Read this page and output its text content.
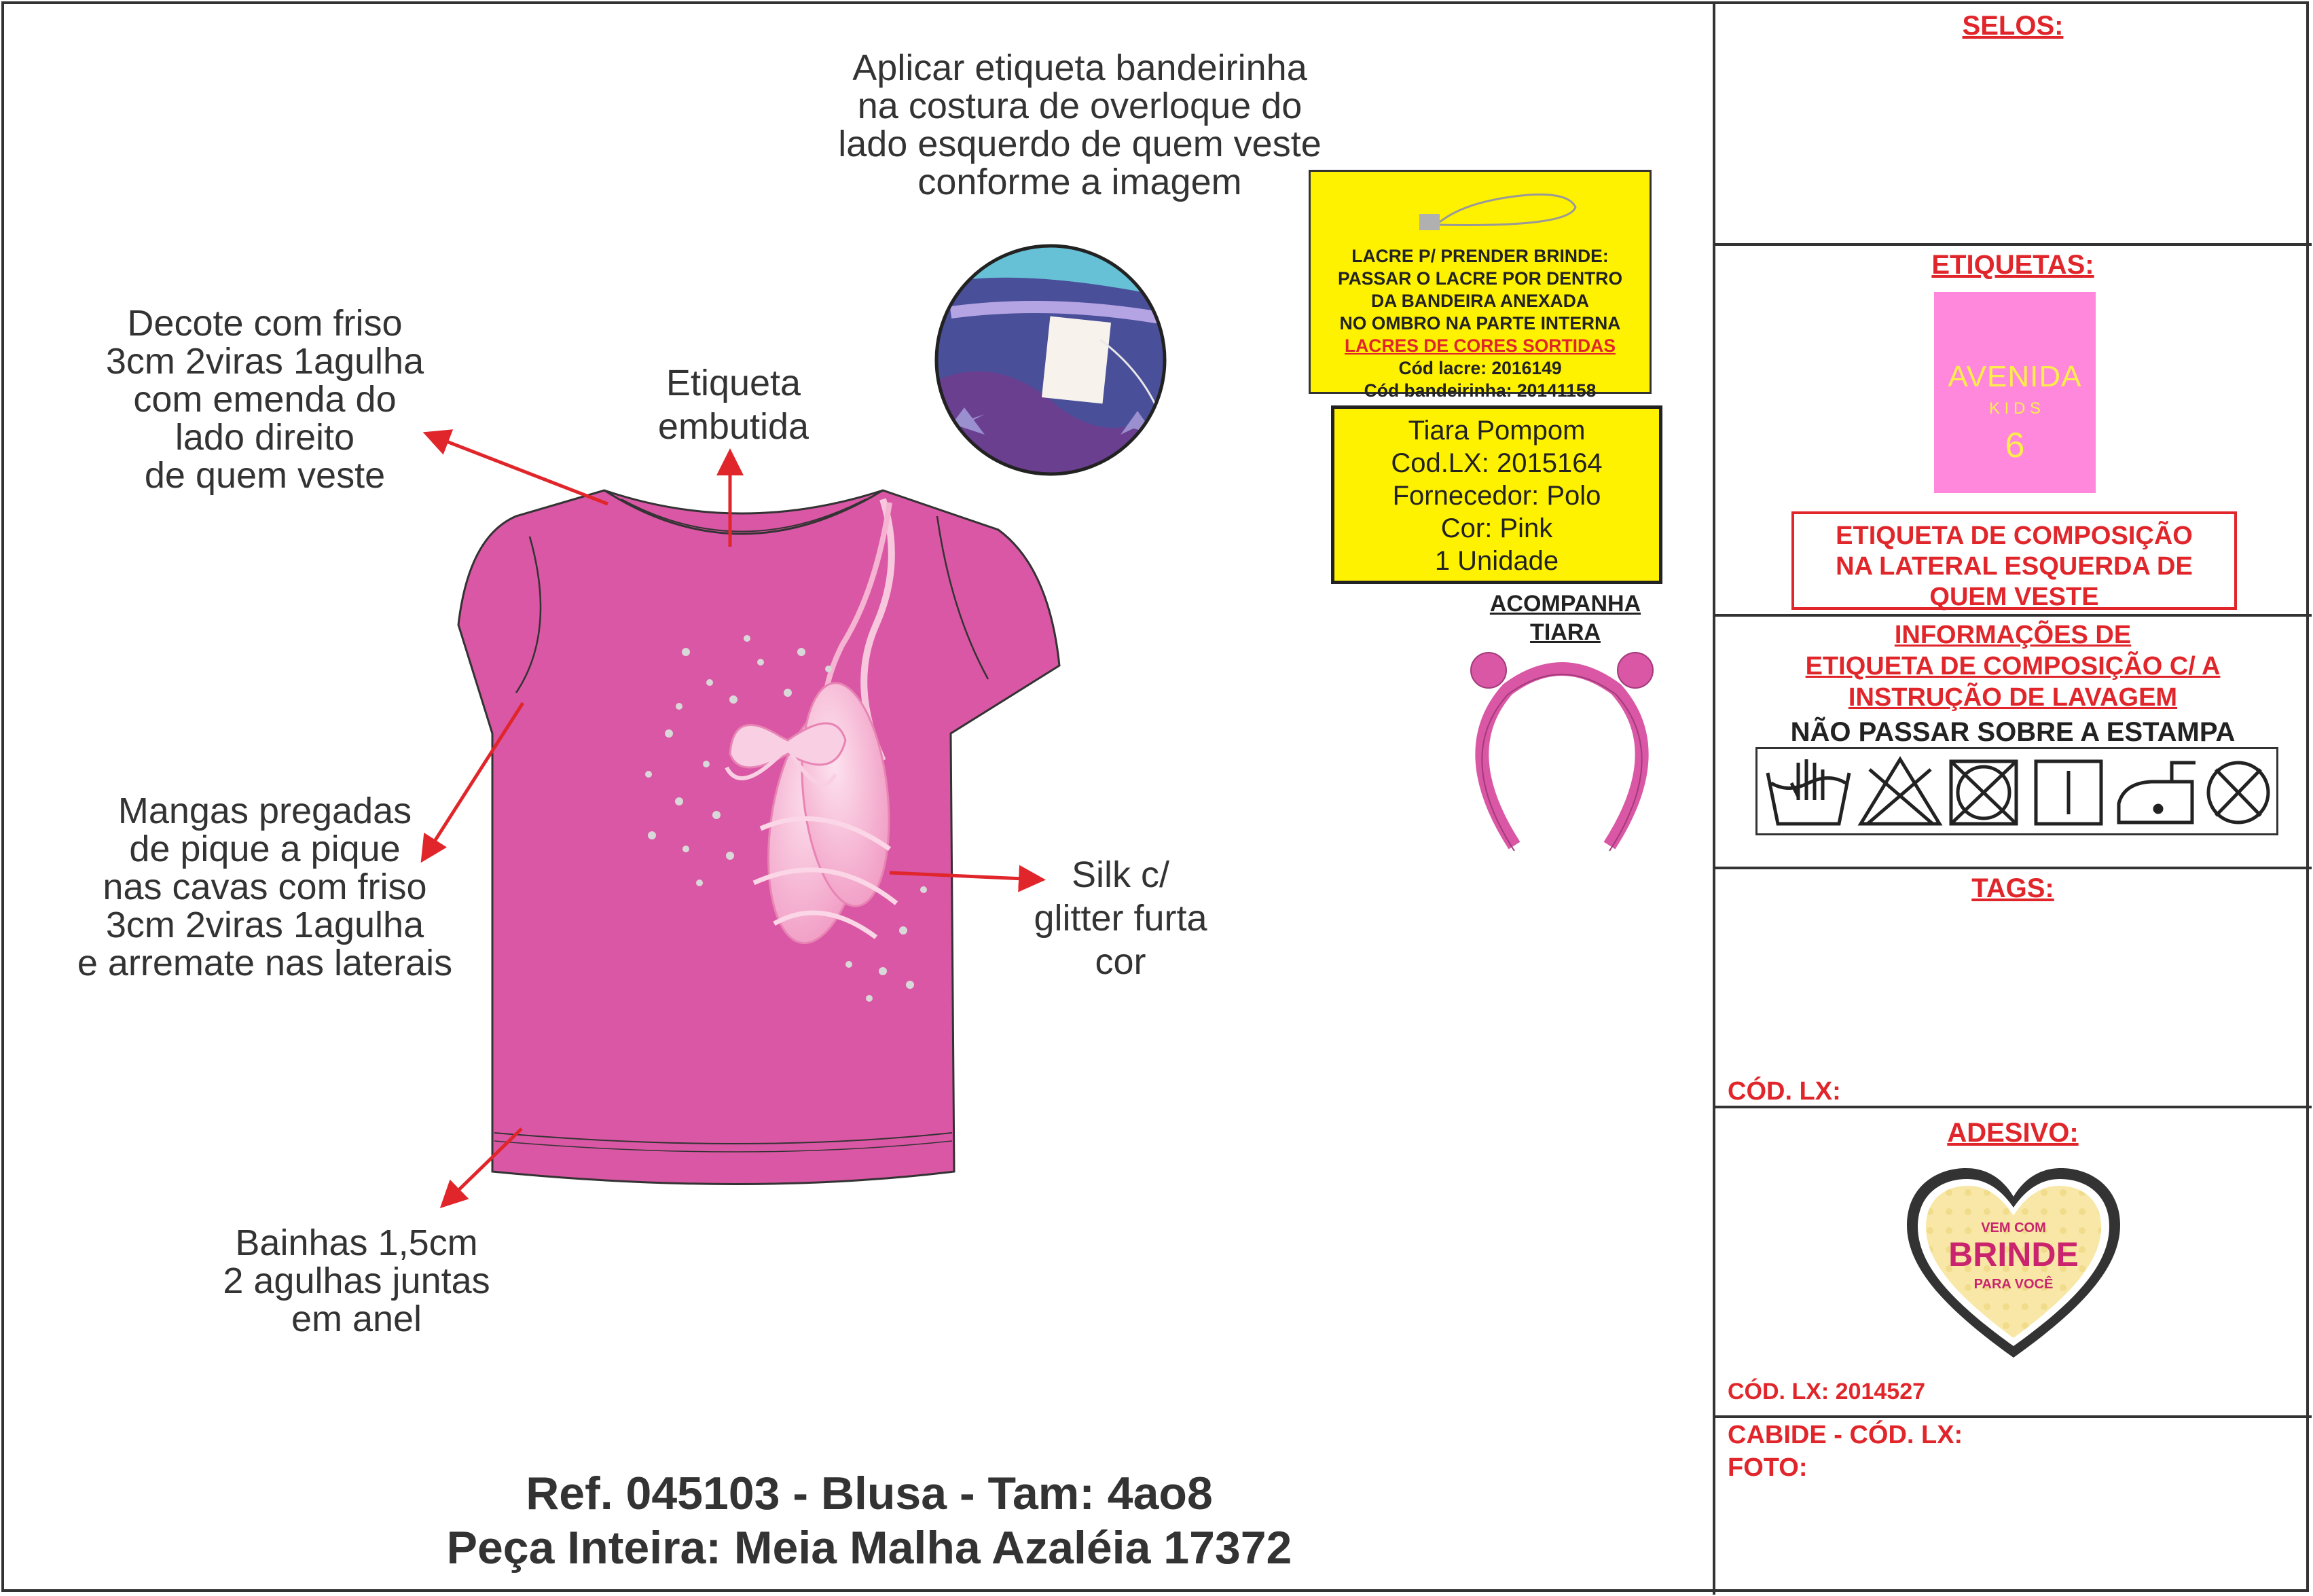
Aplicar etiqueta bandeirinha
na costura de overloque do
lado esquerdo de quem veste
conforme a imagem
Decote com friso
3cm 2viras 1agulha
com emenda do
lado direito
de quem veste
Etiqueta
embutida
Mangas pregadas
de pique a pique
nas cavas com friso
3cm 2viras 1agulha
e arremate nas laterais
Silk c/
glitter furta
cor
Bainhas 1,5cm
2 agulhas juntas
em anel
LACRE P/ PRENDER BRINDE:
PASSAR O LACRE POR DENTRO
DA BANDEIRA ANEXADA
NO OMBRO NA PARTE INTERNA
LACRES DE CORES SORTIDAS
Cód lacre: 2016149
Cód bandeirinha: 20141158
Tiara Pompom
Cod.LX: 2015164
Fornecedor: Polo
Cor: Pink
1 Unidade
ACOMPANHA
TIARA
SELOS:
ETIQUETAS:
AVENIDA
K I D S
6
ETIQUETA DE COMPOSIÇÃO
NA LATERAL ESQUERDA DE
QUEM VESTE
INFORMAÇÕES DE
ETIQUETA DE COMPOSIÇÃO C/ A
INSTRUÇÃO DE LAVAGEM
NÃO PASSAR SOBRE A ESTAMPA
TAGS:
CÓD. LX:
ADESIVO:
VEM COM
BRINDE
PARA VOCÊ
CÓD. LX: 2014527
CABIDE - CÓD. LX:
FOTO:
Ref. 045103 - Blusa - Tam: 4ao8
Peça Inteira: Meia Malha Azaléia 17372
